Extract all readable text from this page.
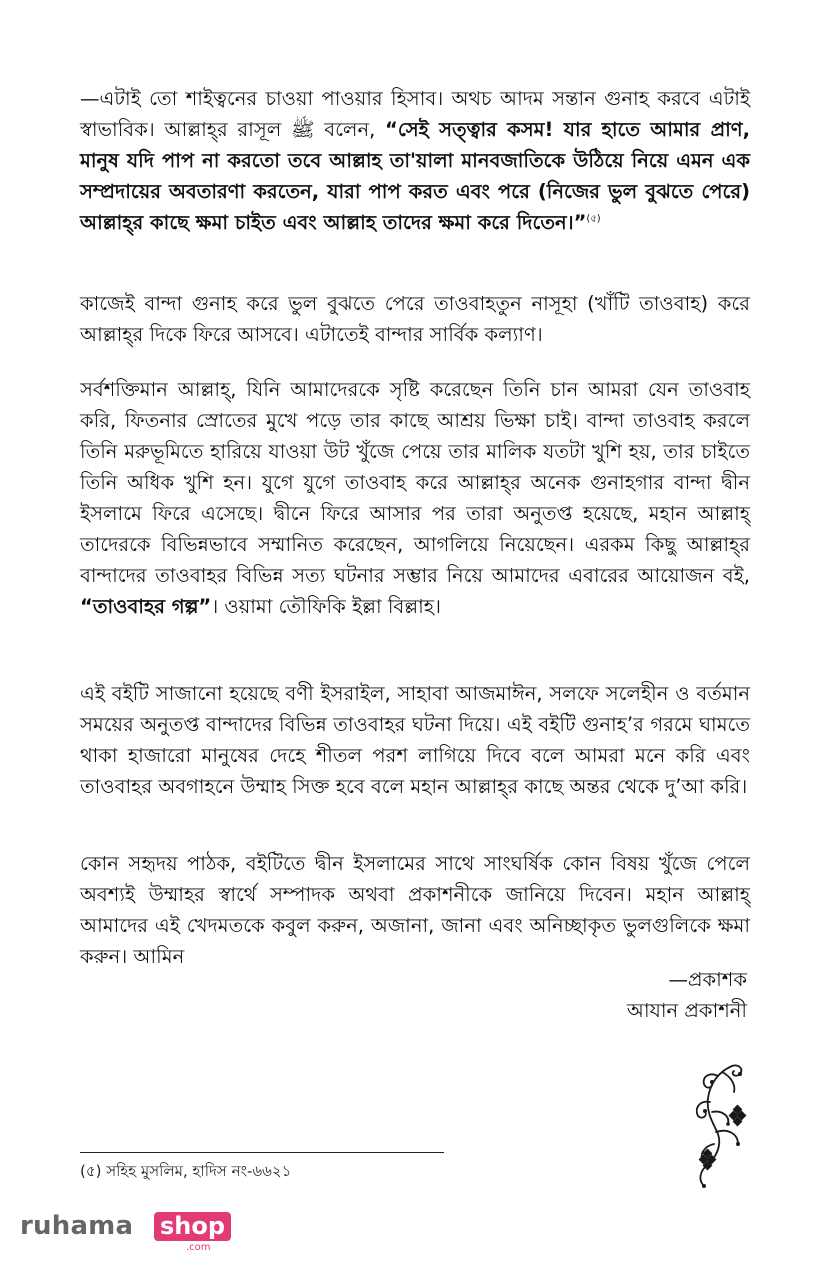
—এটাই তো শাইত্বনের চাওয়া পাওয়ার হিসাব। অথচ আদম সন্তান গুনাহ করবে এটাই স্বাভাবিক। আল্লাহ্‌র রাসূল ﷺ বলেন, “সেই সত্ত্বার কসম! যার হাতে আমার প্রাণ, মানুষ যদি পাপ না করতো তবে আল্লাহ তা'য়ালা মানবজাতিকে উঠিয়ে নিয়ে এমন এক সম্প্রদায়ের অবতারণা করতেন, যারা পাপ করত এবং পরে (নিজের ভুল বুঝতে পেরে) আল্লাহ্‌র কাছে ক্ষমা চাইত এবং আল্লাহ তাদের ক্ষমা করে দিতেন।”$^{(৫)}$

কাজেই বান্দা গুনাহ করে ভুল বুঝতে পেরে তাওবাহতুন নাসূহা (খাঁটি তাওবাহ) করে আল্লাহ্‌র দিকে ফিরে আসবে। এটাতেই বান্দার সার্বিক কল্যাণ।

সর্বশক্তিমান আল্লাহ্‌, যিনি আমাদেরকে সৃষ্টি করেছেন তিনি চান আমরা যেন তাওবাহ করি, ফিতনার স্রোতের মুখে পড়ে তার কাছে আশ্রয় ভিক্ষা চাই। বান্দা তাওবাহ করলে তিনি মরুভূমিতে হারিয়ে যাওয়া উট খুঁজে পেয়ে তার মালিক যতটা খুশি হয়, তার চাইতে তিনি অধিক খুশি হন। যুগে যুগে তাওবাহ করে আল্লাহ্‌র অনেক গুনাহগার বান্দা দ্বীন ইসলামে ফিরে এসেছে। দ্বীনে ফিরে আসার পর তারা অনুতপ্ত হয়েছে, মহান আল্লাহ্‌ তাদেরকে বিভিন্নভাবে সম্মানিত করেছেন, আগলিয়ে নিয়েছেন। এরকম কিছু আল্লাহ্‌র বান্দাদের তাওবাহর বিভিন্ন সত্য ঘটনার সম্ভার নিয়ে আমাদের এবারের আয়োজন বই, “তাওবাহর গল্প”। ওয়ামা তৌফিকি ইল্লা বিল্লাহ।

এই বইটি সাজানো হয়েছে বণী ইসরাইল, সাহাবা আজমাঈন, সলফে সলেহীন ও বর্তমান সময়ের অনুতপ্ত বান্দাদের বিভিন্ন তাওবাহর ঘটনা দিয়ে। এই বইটি গুনাহ’র গরমে ঘামতে থাকা হাজারো মানুষের দেহে শীতল পরশ লাগিয়ে দিবে বলে আমরা মনে করি এবং তাওবাহর অবগাহনে উম্মাহ সিক্ত হবে বলে মহান আল্লাহ্‌র কাছে অন্তর থেকে দু’আ করি।

কোন সহৃদয় পাঠক, বইটিতে দ্বীন ইসলামের সাথে সাংঘর্ষিক কোন বিষয় খুঁজে পেলে অবশ্যই উম্মাহর স্বার্থে সম্পাদক অথবা প্রকাশনীকে জানিয়ে দিবেন। মহান আল্লাহ্‌ আমাদের এই খেদমতকে কবুল করুন, অজানা, জানা এবং অনিচ্ছাকৃত ভুলগুলিকে ক্ষমা করুন। আমিন

—প্রকাশক
আযান প্রকাশনী
(৫) সহিহ মুসলিম, হাদিস নং-৬৬২১
ruhama shop
.com
